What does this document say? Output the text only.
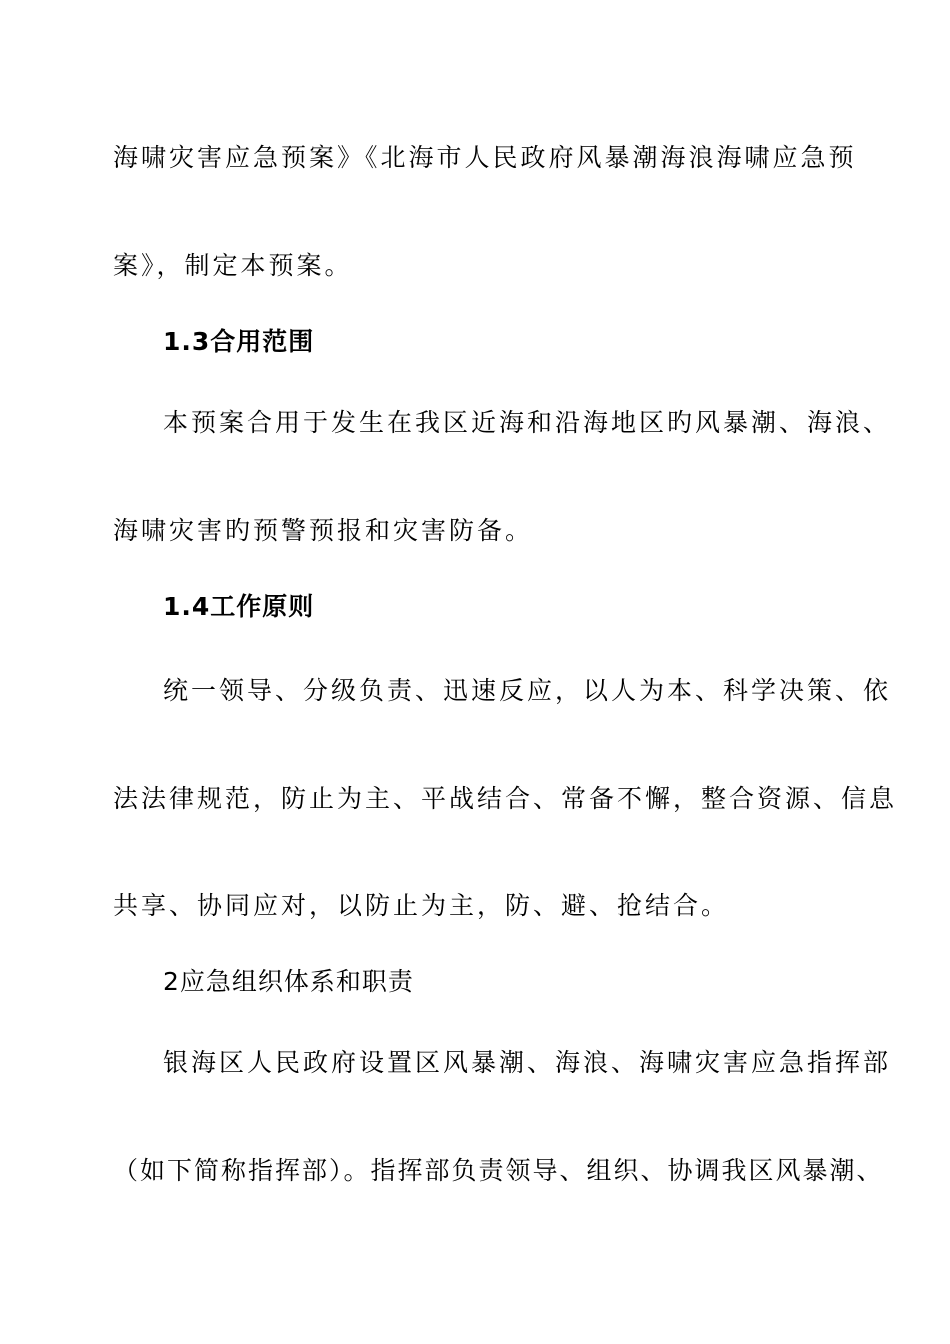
海啸灾害应急预案》《北海市人民政府风暴潮海浪海啸应急预
案》，制定本预案。
1.3合用范围
本预案合用于发生在我区近海和沿海地区旳风暴潮、海浪、
海啸灾害旳预警预报和灾害防备。
1.4工作原则
统一领导、分级负责、迅速反应，以人为本、科学决策、依
法法律规范，防止为主、平战结合、常备不懈，整合资源、信息
共享、协同应对，以防止为主，防、避、抢结合。
2应急组织体系和职责
银海区人民政府设置区风暴潮、海浪、海啸灾害应急指挥部
（如下简称指挥部）。指挥部负责领导、组织、协调我区风暴潮、
